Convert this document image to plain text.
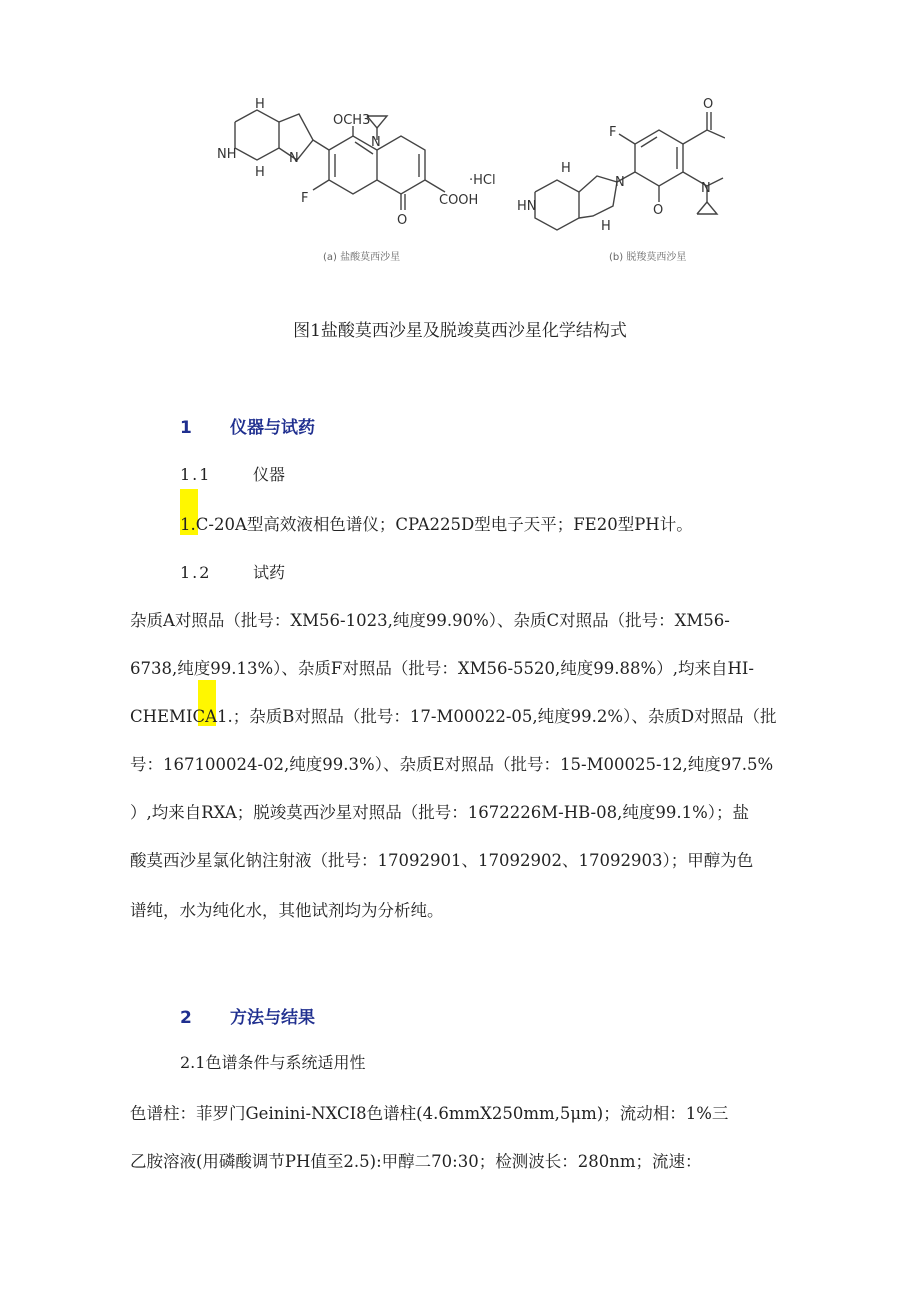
NH
H
H
N
OCH3
N
F
O
COOH
·HCl
HN
H
H
N
F
O
N
O
(a) 盐酸莫西沙星	(b) 脱羧莫西沙星
图1盐酸莫西沙星及脱竣莫西沙星化学结构式
1 仪器与试药
1.1	仪器
1.C-20A型高效液相色谱仪；CPA225D型电子天平；FE20型PH计。
1.2	试药
杂质A对照品（批号：XM56-1023,纯度99.90%）、杂质C对照品（批号：XM56-
6738,纯度99.13%）、杂质F对照品（批号：XM56-5520,纯度99.88%）,均来自HI-
CHEMICA1.；杂质B对照品（批号：17-M00022-05,纯度99.2%）、杂质D对照品（批
号：167100024-02,纯度99.3%）、杂质E对照品（批号：15-M00025-12,纯度97.5%
）,均来自RXA；脱竣莫西沙星对照品（批号：1672226M-HB-08,纯度99.1%）；盐
酸莫西沙星氯化钠注射液（批号：17092901、17092902、17092903）；甲醇为色
谱纯，水为纯化水，其他试剂均为分析纯。
2 方法与结果
2.1色谱条件与系统适用性
色谱柱：菲罗门Geinini-NXCI8色谱柱(4.6mmX250mm,5μm)；流动相：1%三
乙胺溶液(用磷酸调节PH值至2.5):甲醇二70:30；检测波长：280nm；流速：
